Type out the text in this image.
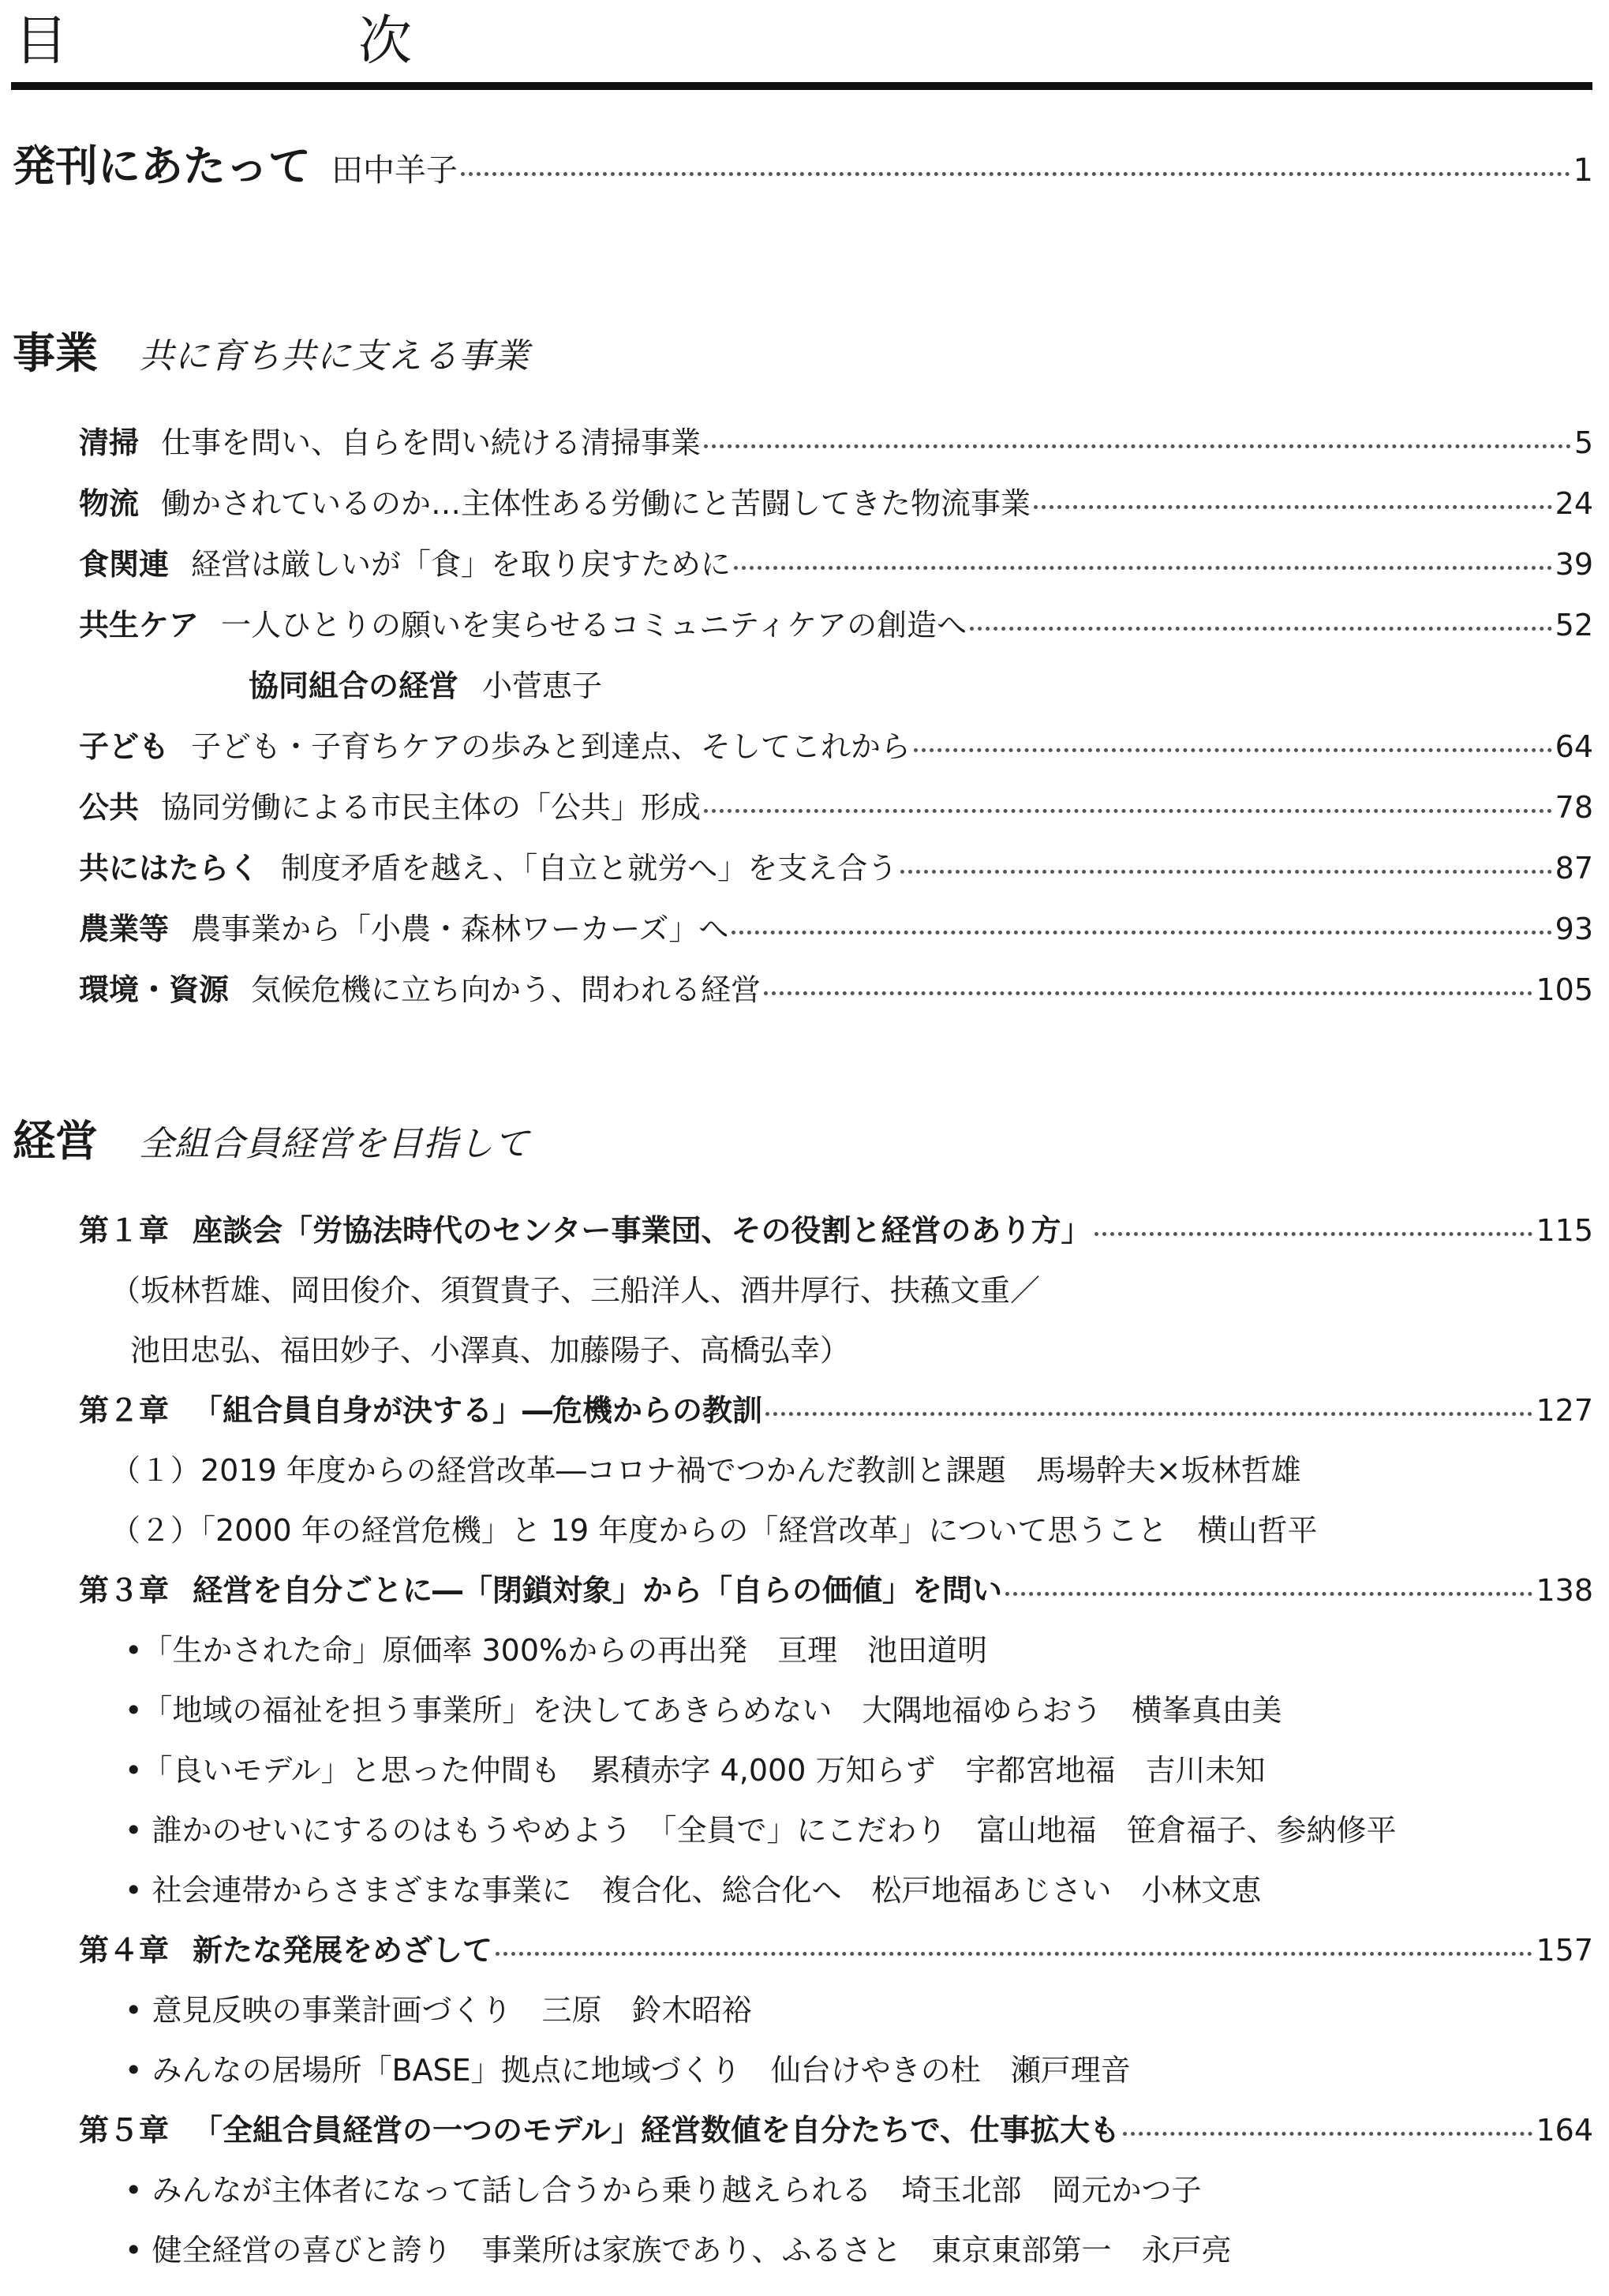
目　次
発刊にあたって 田中羊子	1
事業 共に育ち共に支える事業
清掃 仕事を問い、自らを問い続ける清掃事業	5
物流 働かされているのか…主体性ある労働にと苦闘してきた物流事業	24
食関連 経営は厳しいが「食」を取り戻すために	39
共生ケア 一人ひとりの願いを実らせるコミュニティケアの創造へ	52
協同組合の経営 小菅恵子
子ども 子ども・子育ちケアの歩みと到達点、そしてこれから	64
公共 協同労働による市民主体の「公共」形成	78
共にはたらく 制度矛盾を越え、「自立と就労へ」を支え合う	87
農業等 農事業から「小農・森林ワーカーズ」へ	93
環境・資源 気候危機に立ち向かう、問われる経営	105
経営 全組合員経営を目指して
第１章 座談会「労協法時代のセンター事業団、その役割と経営のあり方」	115
（坂林哲雄、岡田俊介、須賀貴子、三船洋人、酒井厚行、扶蘓文重／
池田忠弘、福田妙子、小澤真、加藤陽子、高橋弘幸）
第２章 「組合員自身が決する」―危機からの教訓	127
（１）2019 年度からの経営改革―コロナ禍でつかんだ教訓と課題　馬場幹夫×坂林哲雄
（２）「2000 年の経営危機」と 19 年度からの「経営改革」について思うこと　横山哲平
第３章 経営を自分ごとに―「閉鎖対象」から「自らの価値」を問い	138
•「生かされた命」原価率 300%からの再出発　亘理　池田道明
•「地域の福祉を担う事業所」を決してあきらめない　大隅地福ゆらおう　横峯真由美
•「良いモデル」と思った仲間も　累積赤字 4,000 万知らず　宇都宮地福　吉川未知
• 誰かのせいにするのはもうやめよう　「全員で」にこだわり　富山地福　笹倉福子、参納修平
• 社会連帯からさまざまな事業に　複合化、総合化へ　松戸地福あじさい　小林文恵
第４章 新たな発展をめざして	157
• 意見反映の事業計画づくり　三原　鈴木昭裕
• みんなの居場所「BASE」拠点に地域づくり　仙台けやきの杜　瀬戸理音
第５章 「全組合員経営の一つのモデル」経営数値を自分たちで、仕事拡大も	164
• みんなが主体者になって話し合うから乗り越えられる　埼玉北部　岡元かつ子
• 健全経営の喜びと誇り　事業所は家族であり、ふるさと　東京東部第一　永戸亮
